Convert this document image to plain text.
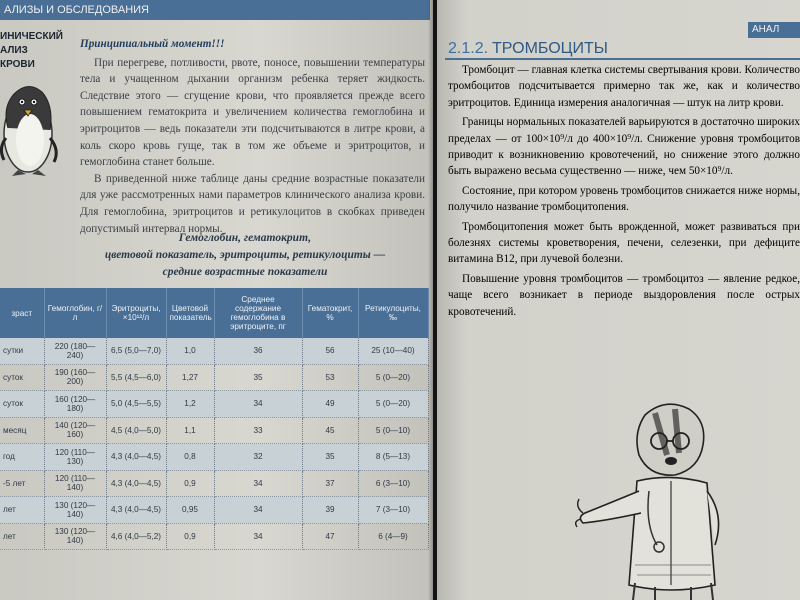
АЛИЗЫ И ОБСЛЕДОВАНИЯ
ИНИЧЕСКИЙ
АЛИЗ
КРОВИ

Принципиальный момент!!!

При перегреве, потливости, рвоте, поносе, повышении температуры тела и учащенном дыхании организм ребенка теряет жидкость. Следствие этого — сгущение крови, что проявляется прежде всего повышением гематокрита и увеличением количества гемоглобина и эритроцитов — ведь показатели эти подсчитываются в литре крови, а коль скоро кровь гуще, так в том же объеме и эритроцитов, и гемоглобина станет больше.

В приведенной ниже таблице даны средние возрастные показатели для уже рассмотренных нами параметров клинического анализа крови. Для гемоглобина, эритроцитов и ретикулоцитов в скобках приведен допустимый интервал нормы.

Гемоглобин, гематокрит,
цветовой показатель, эритроциты, ретикулоциты —
средние возрастные показатели
зраст	Гемоглобин, г/л	Эритроциты, ×10¹²/л	Цветовой показатель	Среднее содержание гемоглобина в эритроците, пг	Гематокрит, %	Ретикулоциты, ‰
сутки	220 (180—240)	6,5 (5,0—7,0)	1,0	36	56	25 (10—40)
суток	190 (160—200)	5,5 (4,5—6,0)	1,27	35	53	5 (0—20)
суток	160 (120—180)	5,0 (4,5—5,5)	1,2	34	49	5 (0—20)
месяц	140 (120—160)	4,5 (4,0—5,0)	1,1	33	45	5 (0—10)
год	120 (110—130)	4,3 (4,0—4,5)	0,8	32	35	8 (5—13)
-5 лет	120 (110—140)	4,3 (4,0—4,5)	0,9	34	37	6 (3—10)
лет	130 (120—140)	4,3 (4,0—4,5)	0,95	34	39	7 (3—10)
лет	130 (120—140)	4,6 (4,0—5,2)	0,9	34	47	6 (4—9)
АНАЛ
2.1.2. ТРОМБОЦИТЫ

Тромбоцит — главная клетка системы свертывания крови. Количество тромбоцитов подсчитывается примерно так же, как и количество эритроцитов. Единица измерения аналогичная — штук на литр крови.

Границы нормальных показателей варьируются в достаточно широких пределах — от 100×10⁹/л до 400×10⁹/л. Снижение уровня тромбоцитов приводит к возникновению кровотечений, но снижение этого должно быть выражено весьма существенно — ниже, чем 50×10⁹/л.

Состояние, при котором уровень тромбоцитов снижается ниже нормы, получило название тромбоцитопения.

Тромбоцитопения может быть врожденной, может развиваться при болезнях системы кроветворения, печени, селезенки, при дефиците витамина В12, при лучевой болезни.

Повышение уровня тромбоцитов — тромбоцитоз — явление редкое, чаще всего возникает в периоде выздоровления после острых кровотечений.
